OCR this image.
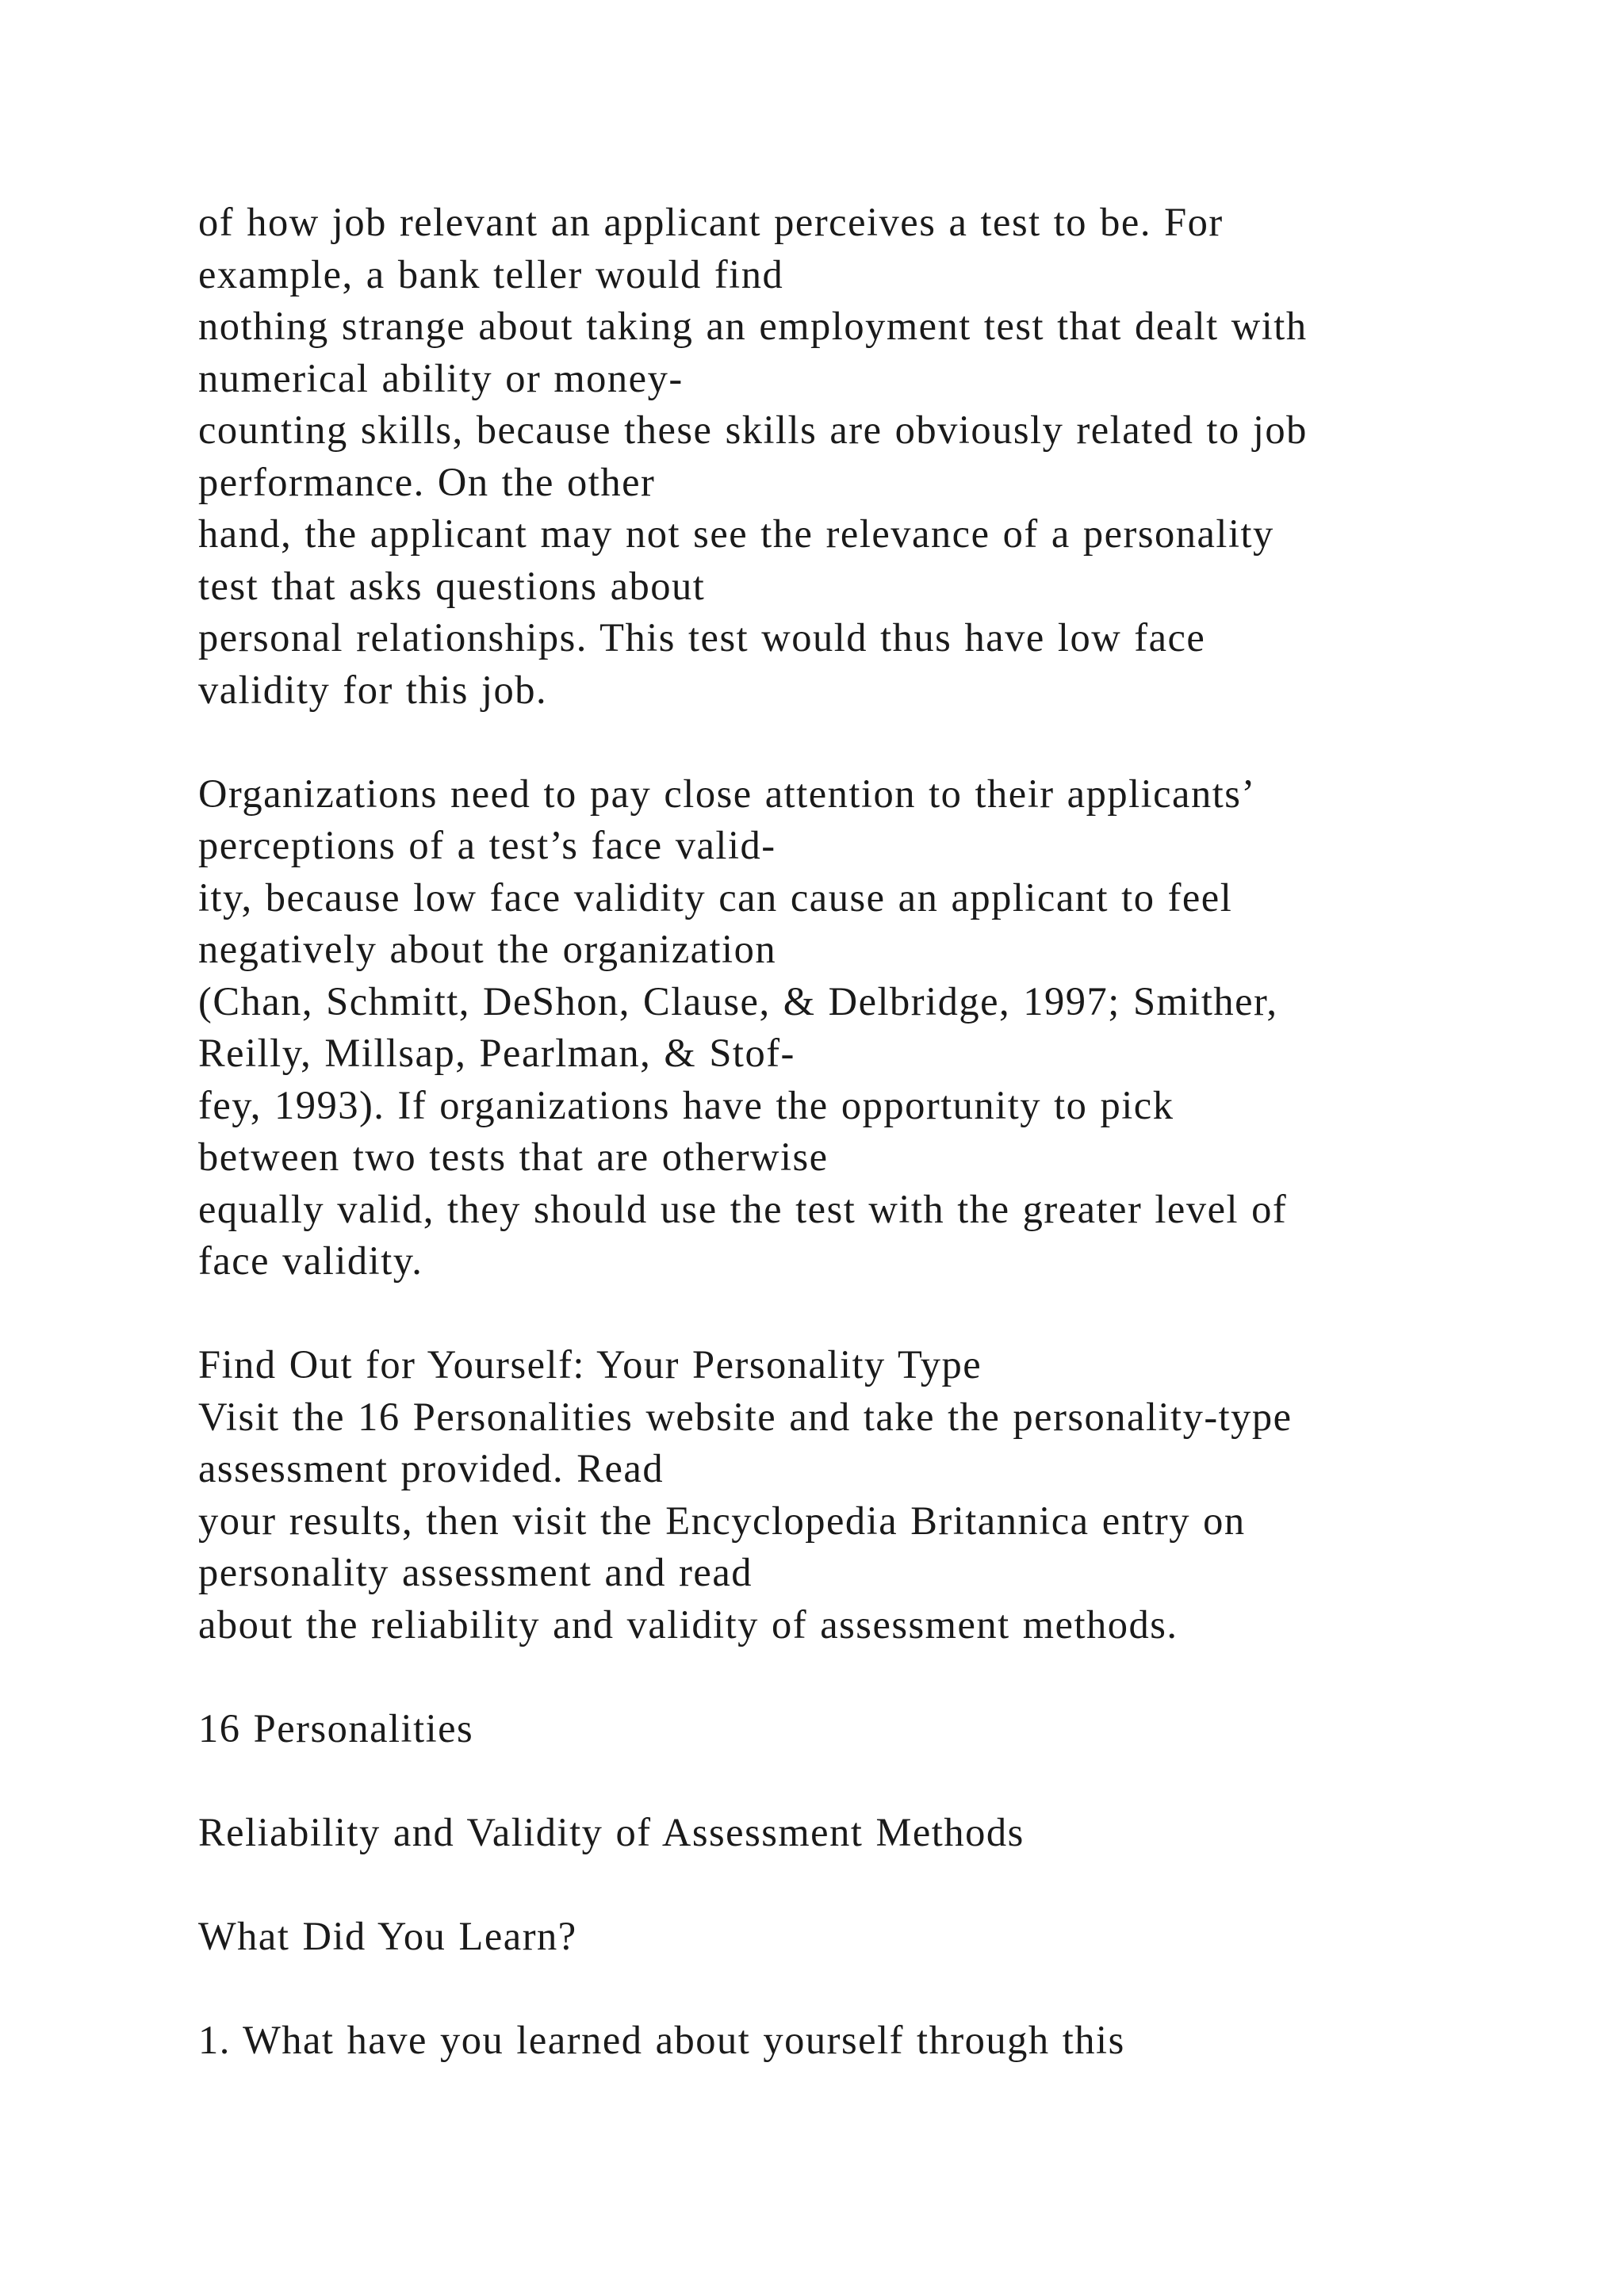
of how job relevant an applicant perceives a test to be. For
example, a bank teller would find
nothing strange about taking an employment test that dealt with
numerical ability or money-
counting skills, because these skills are obviously related to job
performance. On the other
hand, the applicant may not see the relevance of a personality
test that asks questions about
personal relationships. This test would thus have low face
validity for this job.
Organizations need to pay close attention to their applicants’
perceptions of a test’s face valid-
ity, because low face validity can cause an applicant to feel
negatively about the organization
(Chan, Schmitt, DeShon, Clause, & Delbridge, 1997; Smither,
Reilly, Millsap, Pearlman, & Stof-
fey, 1993). If organizations have the opportunity to pick
between two tests that are otherwise
equally valid, they should use the test with the greater level of
face validity.
Find Out for Yourself: Your Personality Type
Visit the 16 Personalities website and take the personality-type
assessment provided. Read
your results, then visit the Encyclopedia Britannica entry on
personality assessment and read
about the reliability and validity of assessment methods.
16 Personalities
Reliability and Validity of Assessment Methods
What Did You Learn?
1. What have you learned about yourself through this
